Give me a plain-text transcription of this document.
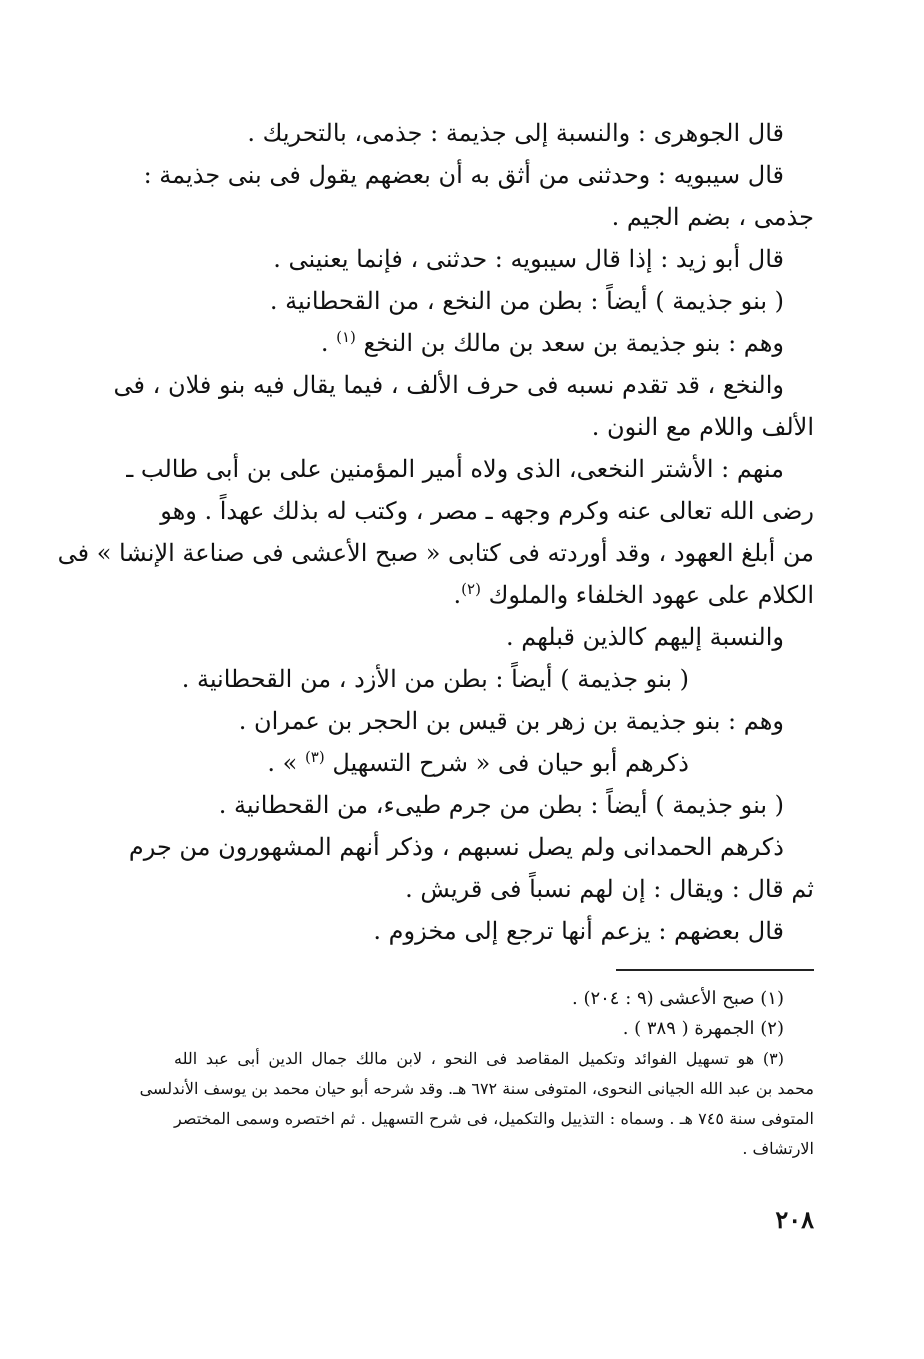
قال الجوهرى : والنسبة إلى جذيمة : جذمى، بالتحريك .
قال سيبويه : وحدثنى من أثق به أن بعضهم يقول فى بنى جذيمة :
جذمى ، بضم الجيم .
قال أبو زيد : إذا قال سيبويه : حدثنى ، فإنما يعنينى .
( بنو جذيمة ) أيضاً : بطن من النخع ، من القحطانية .
وهم : بنو جذيمة بن سعد بن مالك بن النخع $^{(١)}$ .
والنخع ، قد تقدم نسبه فى حرف الألف ، فيما يقال فيه بنو فلان ، فى
الألف واللام مع النون .
منهم : الأشتر النخعى، الذى ولاه أمير المؤمنين على بن أبى طالب ـ
رضى الله تعالى عنه وكرم وجهه ـ مصر ، وكتب له بذلك عهداً . وهو
من أبلغ العهود ، وقد أوردته فى كتابى « صبح الأعشى فى صناعة الإنشا » فى
الكلام على عهود الخلفاء والملوك $^{(٢)}$.
والنسبة إليهم كالذين قبلهم .
( بنو جذيمة ) أيضاً : بطن من الأزد ، من القحطانية .
وهم : بنو جذيمة بن زهر بن قيس بن الحجر بن عمران .
ذكرهم أبو حيان فى « شرح التسهيل $^{(٣)}$ » .
( بنو جذيمة ) أيضاً : بطن من جرم طيىء، من القحطانية .
ذكرهم الحمدانى ولم يصل نسبهم ، وذكر أنهم المشهورون من جرم
ثم قال : ويقال : إن لهم نسباً فى قريش .
قال بعضهم : يزعم أنها ترجع إلى مخزوم .
(١) صبح الأعشى (٩ : ٢٠٤) .
(٢) الجمهرة ( ٣٨٩ ) .
(٣) هو تسهيل الفوائد وتكميل المقاصد فى النحو ، لابن مالك جمال الدين أبى عبد الله
محمد بن عبد الله الجيانى النحوى، المتوفى سنة ٦٧٢ هـ. وقد شرحه أبو حيان محمد بن يوسف الأندلسى
المتوفى سنة ٧٤٥ هـ . وسماه : التذييل والتكميل، فى شرح التسهيل . ثم اختصره وسمى المختصر
الارتشاف .
٢٠٨
